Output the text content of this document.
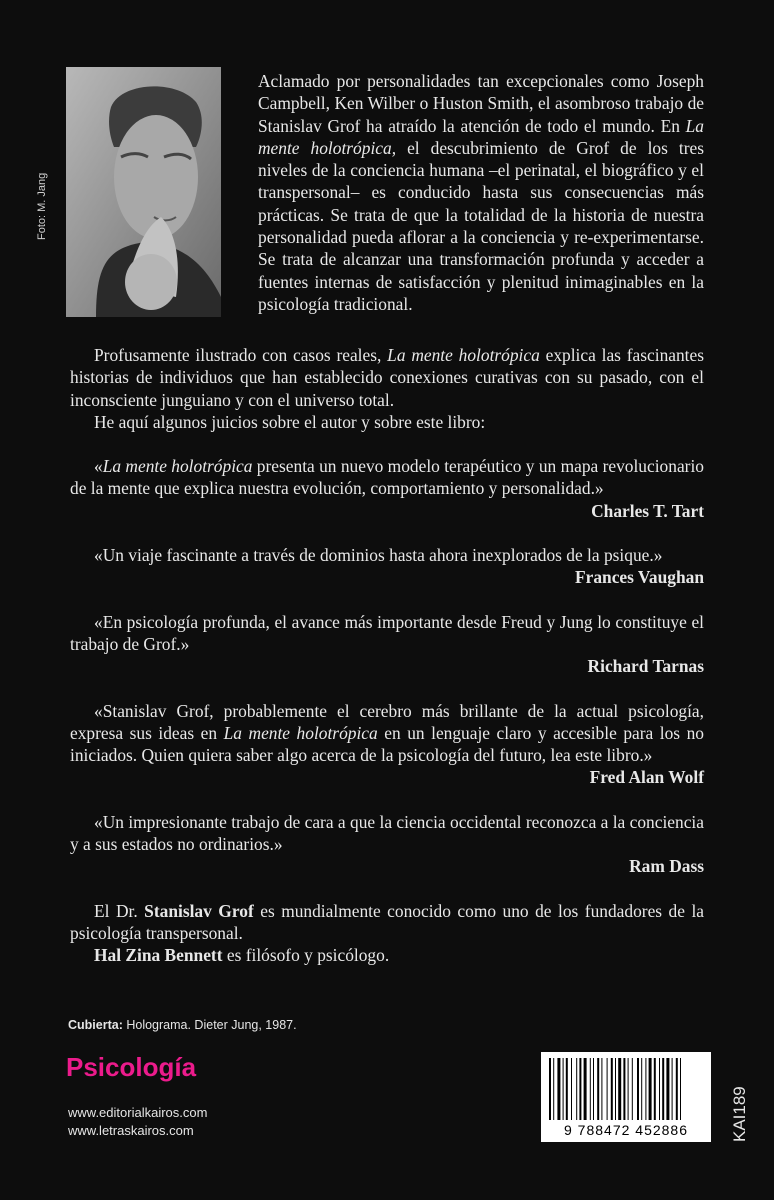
Foto: M. Jang

Aclamado por personalidades tan excepcionales como Joseph Campbell, Ken Wilber o Huston Smith, el asombroso trabajo de Stanislav Grof ha atraído la atención de todo el mundo. En La mente holotrópica, el descubrimiento de Grof de los tres niveles de la conciencia humana –el perinatal, el biográfico y el transpersonal– es conducido hasta sus consecuencias más prácticas. Se trata de que la totalidad de la historia de nuestra personalidad pueda aflorar a la conciencia y re-experimentarse. Se trata de alcanzar una transformación profunda y acceder a fuentes internas de satisfacción y plenitud inimaginables en la psicología tradicional.

Profusamente ilustrado con casos reales, La mente holotrópica explica las fascinantes historias de individuos que han establecido conexiones curativas con su pasado, con el inconsciente junguiano y con el universo total.

He aquí algunos juicios sobre el autor y sobre este libro:

«La mente holotrópica presenta un nuevo modelo terapéutico y un mapa revolucionario de la mente que explica nuestra evolución, comportamiento y personalidad.»
Charles T. Tart

«Un viaje fascinante a través de dominios hasta ahora inexplorados de la psique.»
Frances Vaughan

«En psicología profunda, el avance más importante desde Freud y Jung lo constituye el trabajo de Grof.»
Richard Tarnas

«Stanislav Grof, probablemente el cerebro más brillante de la actual psicología, expresa sus ideas en La mente holotrópica en un lenguaje claro y accesible para los no iniciados. Quien quiera saber algo acerca de la psicología del futuro, lea este libro.»
Fred Alan Wolf

«Un impresionante trabajo de cara a que la ciencia occidental reconozca a la conciencia y a sus estados no ordinarios.»
Ram Dass

El Dr. Stanislav Grof es mundialmente conocido como uno de los fundadores de la psicología transpersonal.

Hal Zina Bennett es filósofo y psicólogo.

Cubierta: Holograma. Dieter Jung, 1987.
Psicología
www.editorialkairos.com
www.letraskairos.com	9 788472 452886	KAI189
